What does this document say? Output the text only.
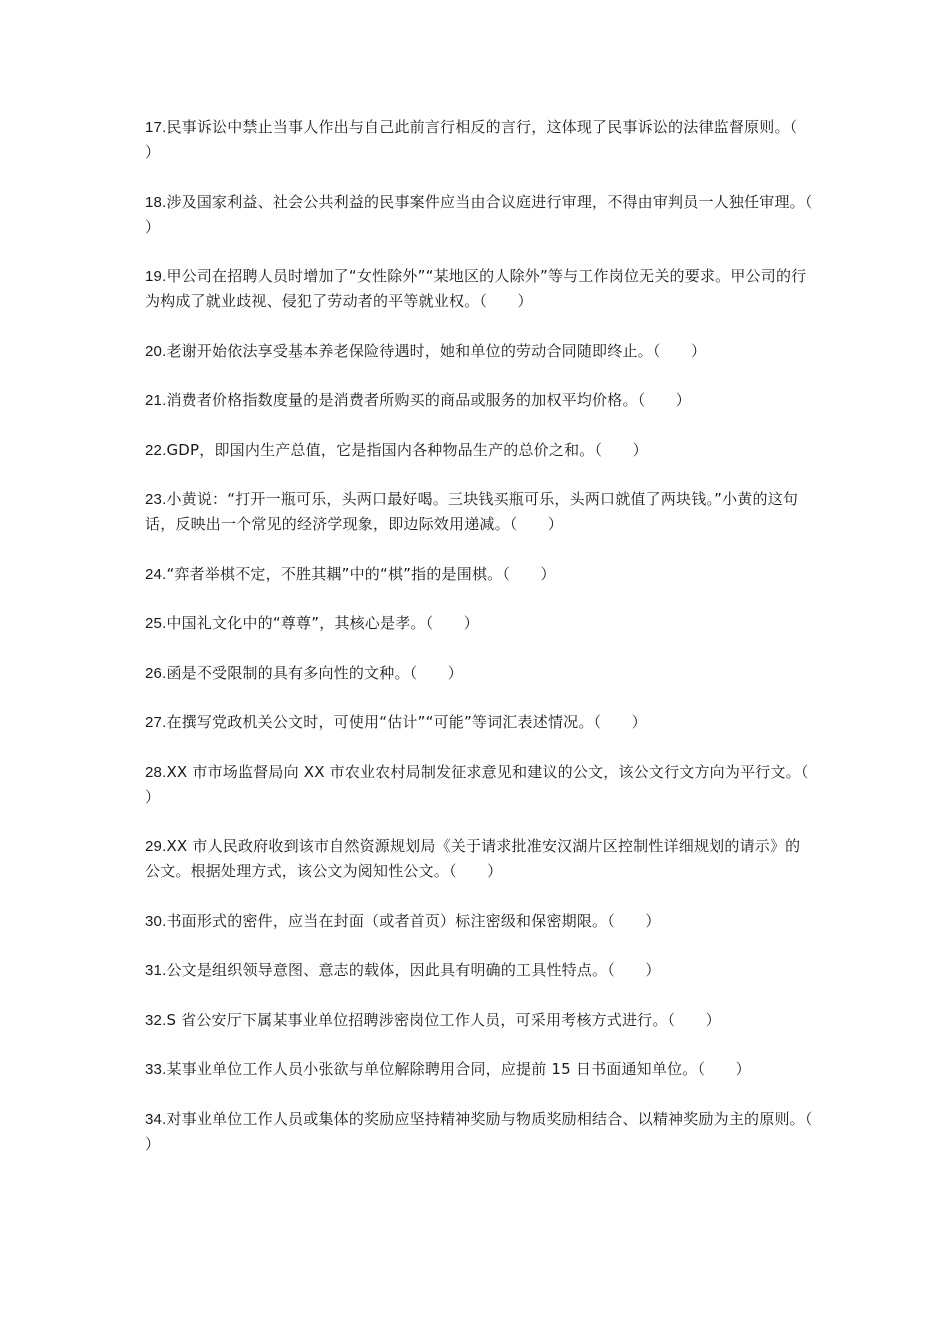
17.民事诉讼中禁止当事人作出与自己此前言行相反的言行，这体现了民事诉讼的法律监督原则。（　　）

18.涉及国家利益、社会公共利益的民事案件应当由合议庭进行审理，不得由审判员一人独任审理。（　　）

19.甲公司在招聘人员时增加了“女性除外”“某地区的人除外”等与工作岗位无关的要求。甲公司的行为构成了就业歧视、侵犯了劳动者的平等就业权。（　　）

20.老谢开始依法享受基本养老保险待遇时，她和单位的劳动合同随即终止。（　　）

21.消费者价格指数度量的是消费者所购买的商品或服务的加权平均价格。（　　）

22.GDP，即国内生产总值，它是指国内各种物品生产的总价之和。（　　）

23.小黄说：“打开一瓶可乐，头两口最好喝。三块钱买瓶可乐，头两口就值了两块钱。”小黄的这句话，反映出一个常见的经济学现象，即边际效用递减。（　　）

24.“弈者举棋不定，不胜其耦”中的“棋”指的是围棋。（　　）

25.中国礼文化中的“尊尊”，其核心是孝。（　　）

26.函是不受限制的具有多向性的文种。（　　）

27.在撰写党政机关公文时，可使用“估计”“可能”等词汇表述情况。（　　）

28.XX 市市场监督局向 XX 市农业农村局制发征求意见和建议的公文，该公文行文方向为平行文。（　　）

29.XX 市人民政府收到该市自然资源规划局《关于请求批准安汉湖片区控制性详细规划的请示》的公文。根据处理方式，该公文为阅知性公文。（　　）

30.书面形式的密件，应当在封面（或者首页）标注密级和保密期限。（　　）

31.公文是组织领导意图、意志的载体，因此具有明确的工具性特点。（　　）

32.S 省公安厅下属某事业单位招聘涉密岗位工作人员，可采用考核方式进行。（　　）

33.某事业单位工作人员小张欲与单位解除聘用合同，应提前 15 日书面通知单位。（　　）

34.对事业单位工作人员或集体的奖励应坚持精神奖励与物质奖励相结合、以精神奖励为主的原则。（　　）
